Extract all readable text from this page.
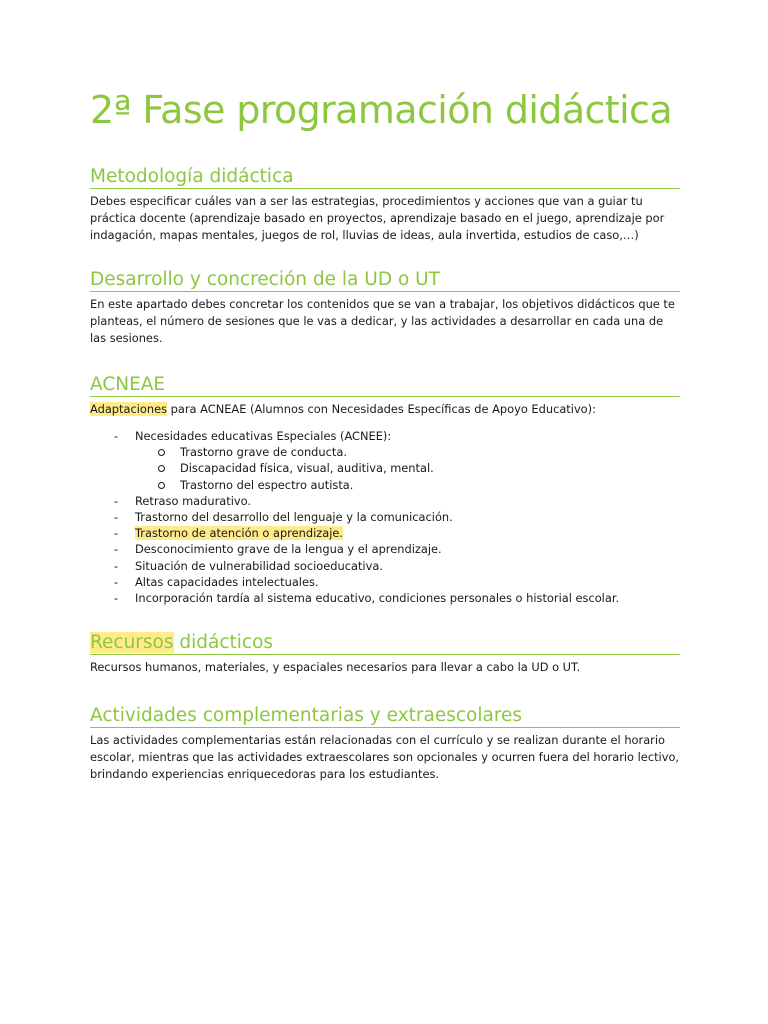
2ª Fase programación didáctica
Metodología didáctica

Debes especificar cuáles van a ser las estrategias, procedimientos y acciones que van a guiar tu práctica docente (aprendizaje basado en proyectos, aprendizaje basado en el juego, aprendizaje por indagación, mapas mentales, juegos de rol, lluvias de ideas, aula invertida, estudios de caso,…)

Desarrollo y concreción de la UD o UT

En este apartado debes concretar los contenidos que se van a trabajar, los objetivos didácticos que te planteas, el número de sesiones que le vas a dedicar, y las actividades a desarrollar en cada una de las sesiones.

ACNEAE

Adaptaciones para ACNEAE (Alumnos con Necesidades Específicas de Apoyo Educativo):

- Necesidades educativas Especiales (ACNEE):
Trastorno grave de conducta.
Discapacidad física, visual, auditiva, mental.
Trastorno del espectro autista.
- Retraso madurativo.
- Trastorno del desarrollo del lenguaje y la comunicación.
- Trastorno de atención o aprendizaje.
- Desconocimiento grave de la lengua y el aprendizaje.
- Situación de vulnerabilidad socioeducativa.
- Altas capacidades intelectuales.
- Incorporación tardía al sistema educativo, condiciones personales o historial escolar.
Recursos didácticos

Recursos humanos, materiales, y espaciales necesarios para llevar a cabo la UD o UT.

Actividades complementarias y extraescolares

Las actividades complementarias están relacionadas con el currículo y se realizan durante el horario escolar, mientras que las actividades extraescolares son opcionales y ocurren fuera del horario lectivo, brindando experiencias enriquecedoras para los estudiantes.
